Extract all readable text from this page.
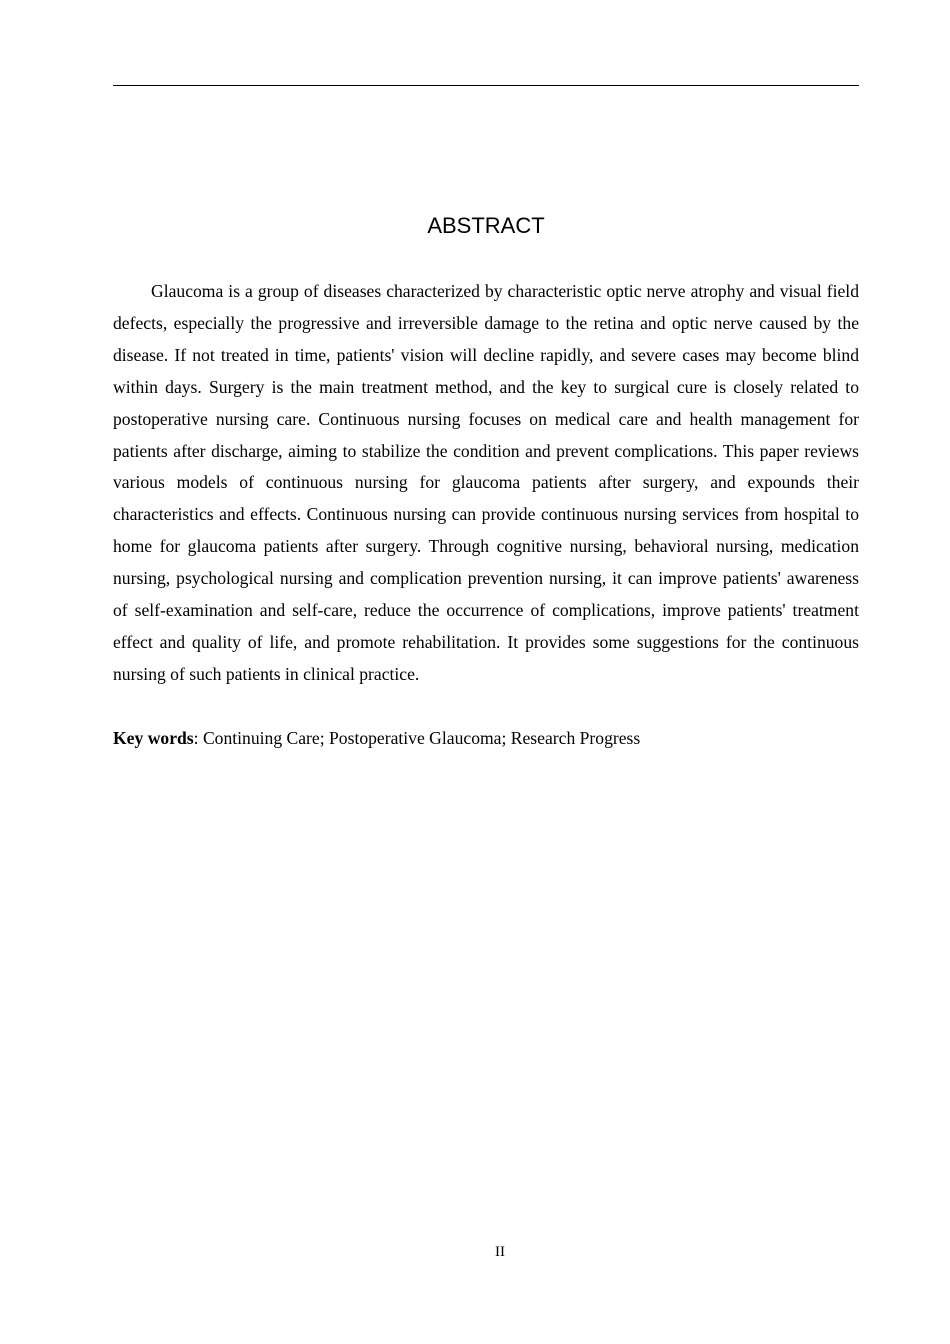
ABSTRACT

Glaucoma is a group of diseases characterized by characteristic optic nerve atrophy and visual field defects, especially the progressive and irreversible damage to the retina and optic nerve caused by the disease. If not treated in time, patients' vision will decline rapidly, and severe cases may become blind within days. Surgery is the main treatment method, and the key to surgical cure is closely related to postoperative nursing care. Continuous nursing focuses on medical care and health management for patients after discharge, aiming to stabilize the condition and prevent complications. This paper reviews various models of continuous nursing for glaucoma patients after surgery, and expounds their characteristics and effects. Continuous nursing can provide continuous nursing services from hospital to home for glaucoma patients after surgery. Through cognitive nursing, behavioral nursing, medication nursing, psychological nursing and complication prevention nursing, it can improve patients' awareness of self-examination and self-care, reduce the occurrence of complications, improve patients' treatment effect and quality of life, and promote rehabilitation. It provides some suggestions for the continuous nursing of such patients in clinical practice.

Key words: Continuing Care; Postoperative Glaucoma; Research Progress

II
